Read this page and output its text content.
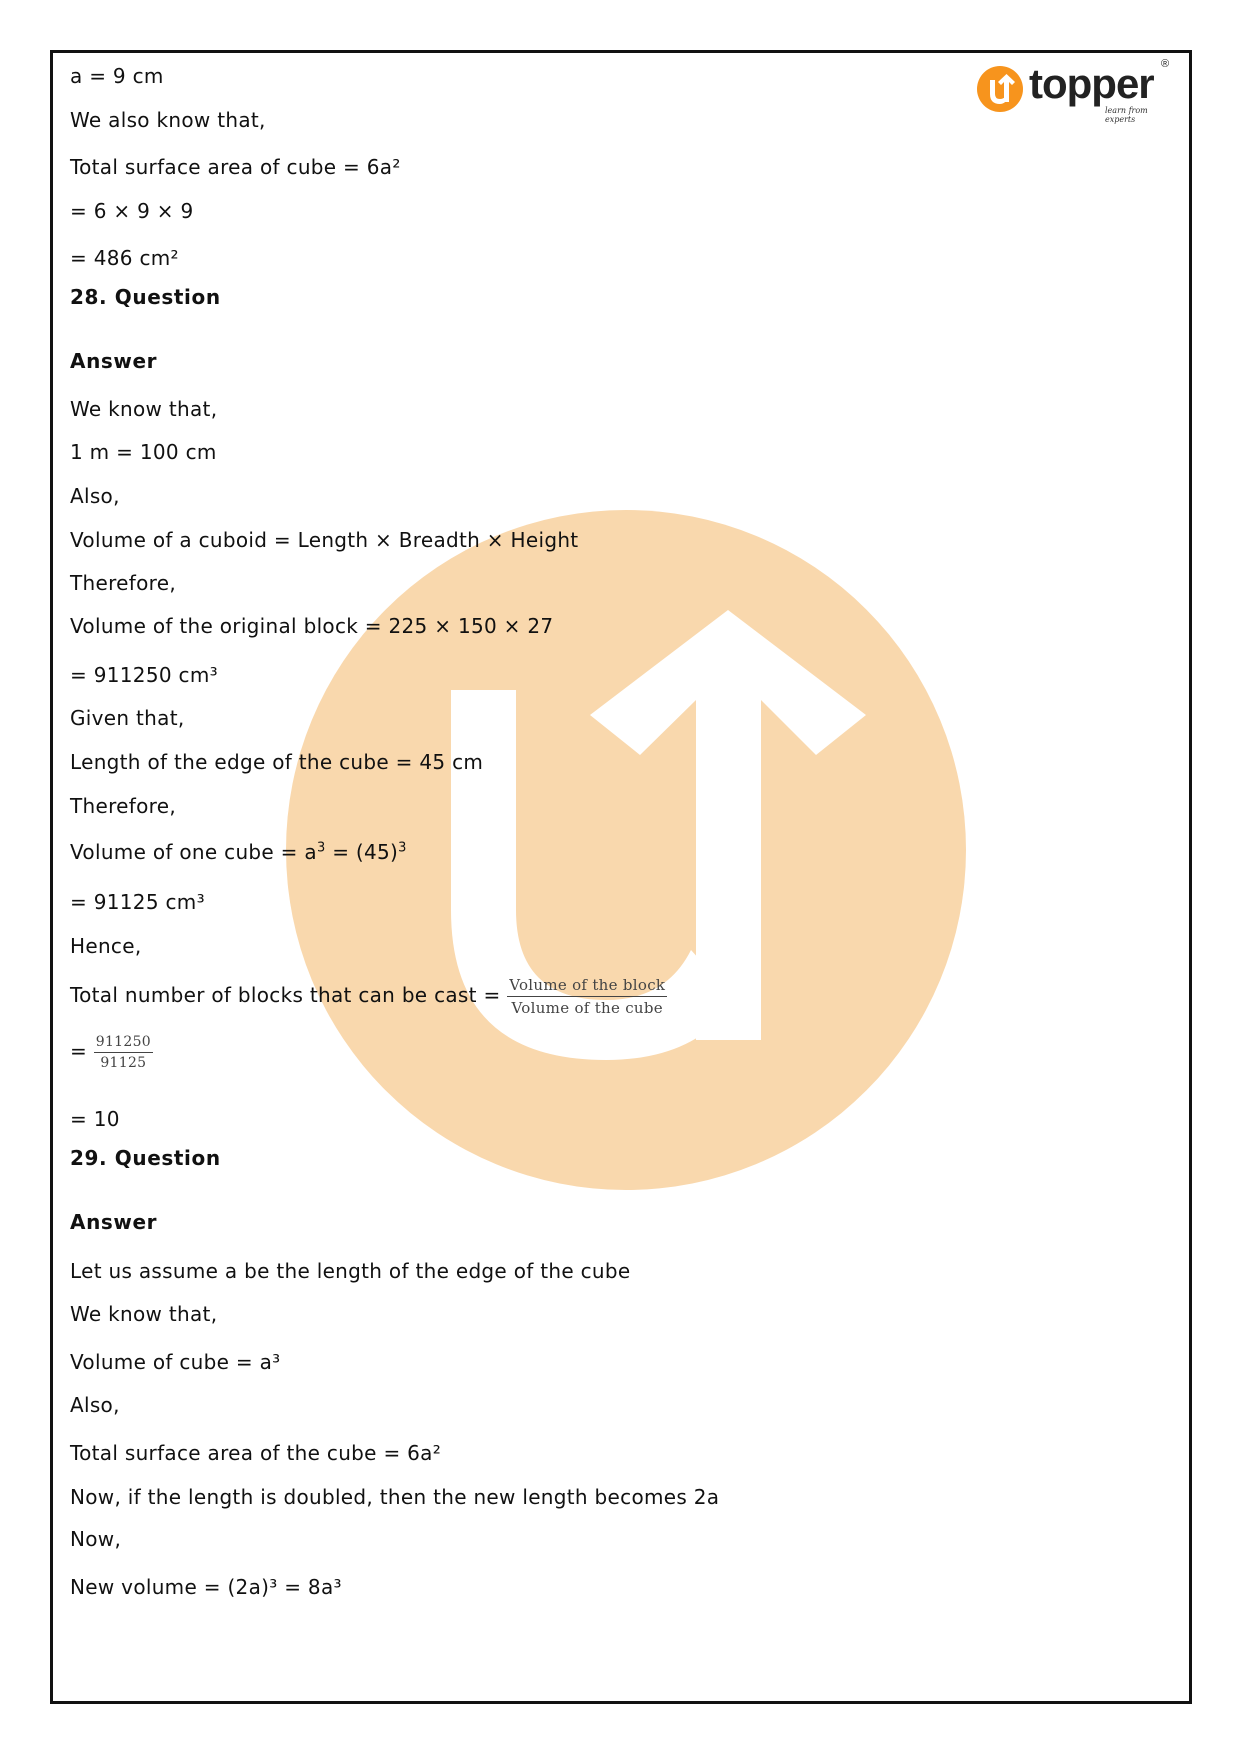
topper ®
learn from experts
a = 9 cm
We also know that,
Total surface area of cube = 6a²
= 6 × 9 × 9
= 486 cm²
28. Question
Answer
We know that,
1 m = 100 cm
Also,
Volume of a cuboid = Length × Breadth × Height
Therefore,
Volume of the original block = 225 × 150 × 27
= 911250 cm³
Given that,
Length of the edge of the cube = 45 cm
Therefore,
Volume of one cube = $a^3 = (45)^3$
= 91125 cm³
Hence,
Total number of blocks that can be cast = $\frac{\text{Volume of the block}}{\text{Volume of the cube}}$
= $\frac{911250}{91125}$
= 10
29. Question
Answer
Let us assume a be the length of the edge of the cube
We know that,
Volume of cube = a³
Also,
Total surface area of the cube = 6a²
Now, if the length is doubled, then the new length becomes 2a
Now,
New volume = (2a)³ = 8a³
